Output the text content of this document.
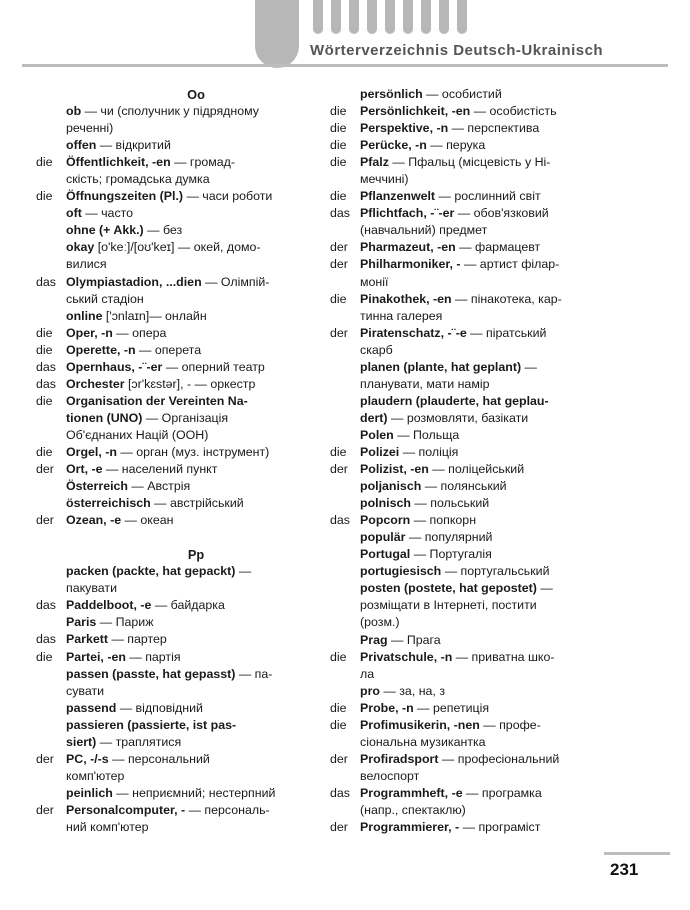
Wörterverzeichnis Deutsch-Ukrainisch
Oo
ob — чи (сполучник у підрядному
реченні)
offen — відкритий
die	Öffentlichkeit, -en — громад-
скість; громадська думка
die	Öffnungszeiten (Pl.) — часи роботи
oft — часто
ohne (+ Akk.) — без
okay [o'keː]/[oʊ'keɪ] — окей, домо-
вилися
das Olympiastadion, ...dien — Олімпій-
ський стадіон
online ['ɔnlaɪn]— онлайн
die	Oper, -n — опера
die	Operette, -n — оперета
das Opernhaus, -¨-er — оперний театр
das Orchester [ɔr'kɛstər], - — оркестр
die	Organisation der Vereinten Na-
tionen (UNO) — Організація
Об'єднаних Націй (ООН)
die	Orgel, -n — орган (муз. інструмент)
der Ort, -e — населений пункт
Österreich — Австрія
österreichisch — австрійський
der Ozean, -e — океан
Pp
packen (packte, hat gepackt) —
пакувати
das Paddelboot, -e — байдарка
Paris — Париж
das Parkett — партер
die	Partei, -en — партія
passen (passte, hat gepasst) — па-
сувати
passend — відповідний
passieren (passierte, ist pas-
siert) — траплятися
der PC, -/-s — персональний
комп'ютер
peinlich — неприємний; нестерпний
der Personalcomputer, - — персональ-
ний комп'ютер
persönlich — особистий
die	Persönlichkeit, -en — особистість
die	Perspektive, -n — перспектива
die	Perücke, -n — перука
die	Pfalz — Пфальц (місцевість у Ні-
меччині)
die	Pflanzenwelt — рослинний світ
das Pflichtfach, -¨-er — обов'язковий
(навчальний) предмет
der Pharmazeut, -en — фармацевт
der Philharmoniker, - — артист філар-
монії
die	Pinakothek, -en — пінакотека, кар-
тинна галерея
der Piratenschatz, -¨-e — піратський
скарб
planen (plante, hat geplant) —
планувати, мати намір
plaudern (plauderte, hat geplau-
dert) — розмовляти, базікати
Polen — Польща
die	Polizei — поліція
der Polizist, -en — поліцейський
poljanisch — полянський
polnisch — польський
das Popcorn — попкорн
populär — популярний
Portugal — Португалія
portugiesisch — португальський
posten (postete, hat gepostet) —
розміщати в Інтернеті, постити
(розм.)
Prag — Прага
die	Privatschule, -n — приватна шко-
ла
pro — за, на, з
die	Probe, -n — репетиція
die	Profimusikerin, -nen — профе-
сіональна музикантка
der Profiradsport — професіональний
велоспорт
das Programmheft, -e — програмка
(напр., спектаклю)
der Programmierer, - — програміст
231
